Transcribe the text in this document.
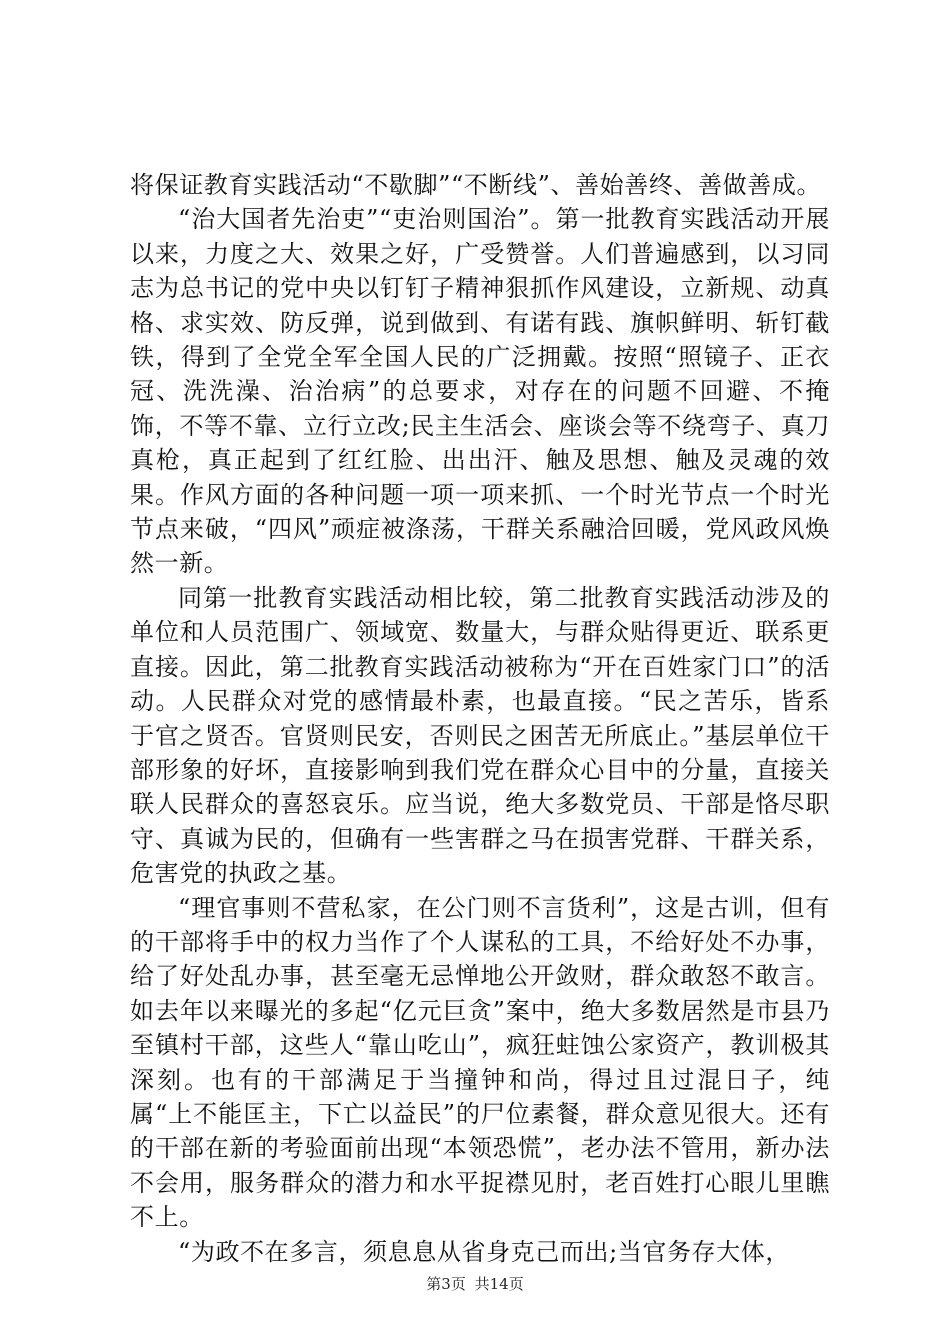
将保证教育实践活动“不歇脚”“不断线”、善始善终、善做善成。

“治大国者先治吏”“吏治则国治”。第一批教育实践活动开展以来，力度之大、效果之好，广受赞誉。人们普遍感到，以习同志为总书记的党中央以钉钉子精神狠抓作风建设，立新规、动真格、求实效、防反弹，说到做到、有诺有践、旗帜鲜明、斩钉截铁，得到了全党全军全国人民的广泛拥戴。按照“照镜子、正衣冠、洗洗澡、治治病”的总要求，对存在的问题不回避、不掩饰，不等不靠、立行立改;民主生活会、座谈会等不绕弯子、真刀真枪，真正起到了红红脸、出出汗、触及思想、触及灵魂的效果。作风方面的各种问题一项一项来抓、一个时光节点一个时光节点来破，“四风”顽症被涤荡，干群关系融洽回暖，党风政风焕然一新。

同第一批教育实践活动相比较，第二批教育实践活动涉及的单位和人员范围广、领域宽、数量大，与群众贴得更近、联系更直接。因此，第二批教育实践活动被称为“开在百姓家门口”的活动。人民群众对党的感情最朴素，也最直接。“民之苦乐，皆系于官之贤否。官贤则民安，否则民之困苦无所底止。”基层单位干部形象的好坏，直接影响到我们党在群众心目中的分量，直接关联人民群众的喜怒哀乐。应当说，绝大多数党员、干部是恪尽职守、真诚为民的，但确有一些害群之马在损害党群、干群关系，危害党的执政之基。

“理官事则不营私家，在公门则不言货利”，这是古训，但有的干部将手中的权力当作了个人谋私的工具，不给好处不办事，给了好处乱办事，甚至毫无忌惮地公开敛财，群众敢怒不敢言。如去年以来曝光的多起“亿元巨贪”案中，绝大多数居然是市县乃至镇村干部，这些人“靠山吃山”，疯狂蛀蚀公家资产，教训极其深刻。也有的干部满足于当撞钟和尚，得过且过混日子，纯属“上不能匡主，下亡以益民”的尸位素餐，群众意见很大。还有的干部在新的考验面前出现“本领恐慌”，老办法不管用，新办法不会用，服务群众的潜力和水平捉襟见肘，老百姓打心眼儿里瞧不上。

“为政不在多言，须息息从省身克己而出;当官务存大体，

第3页 共14页
